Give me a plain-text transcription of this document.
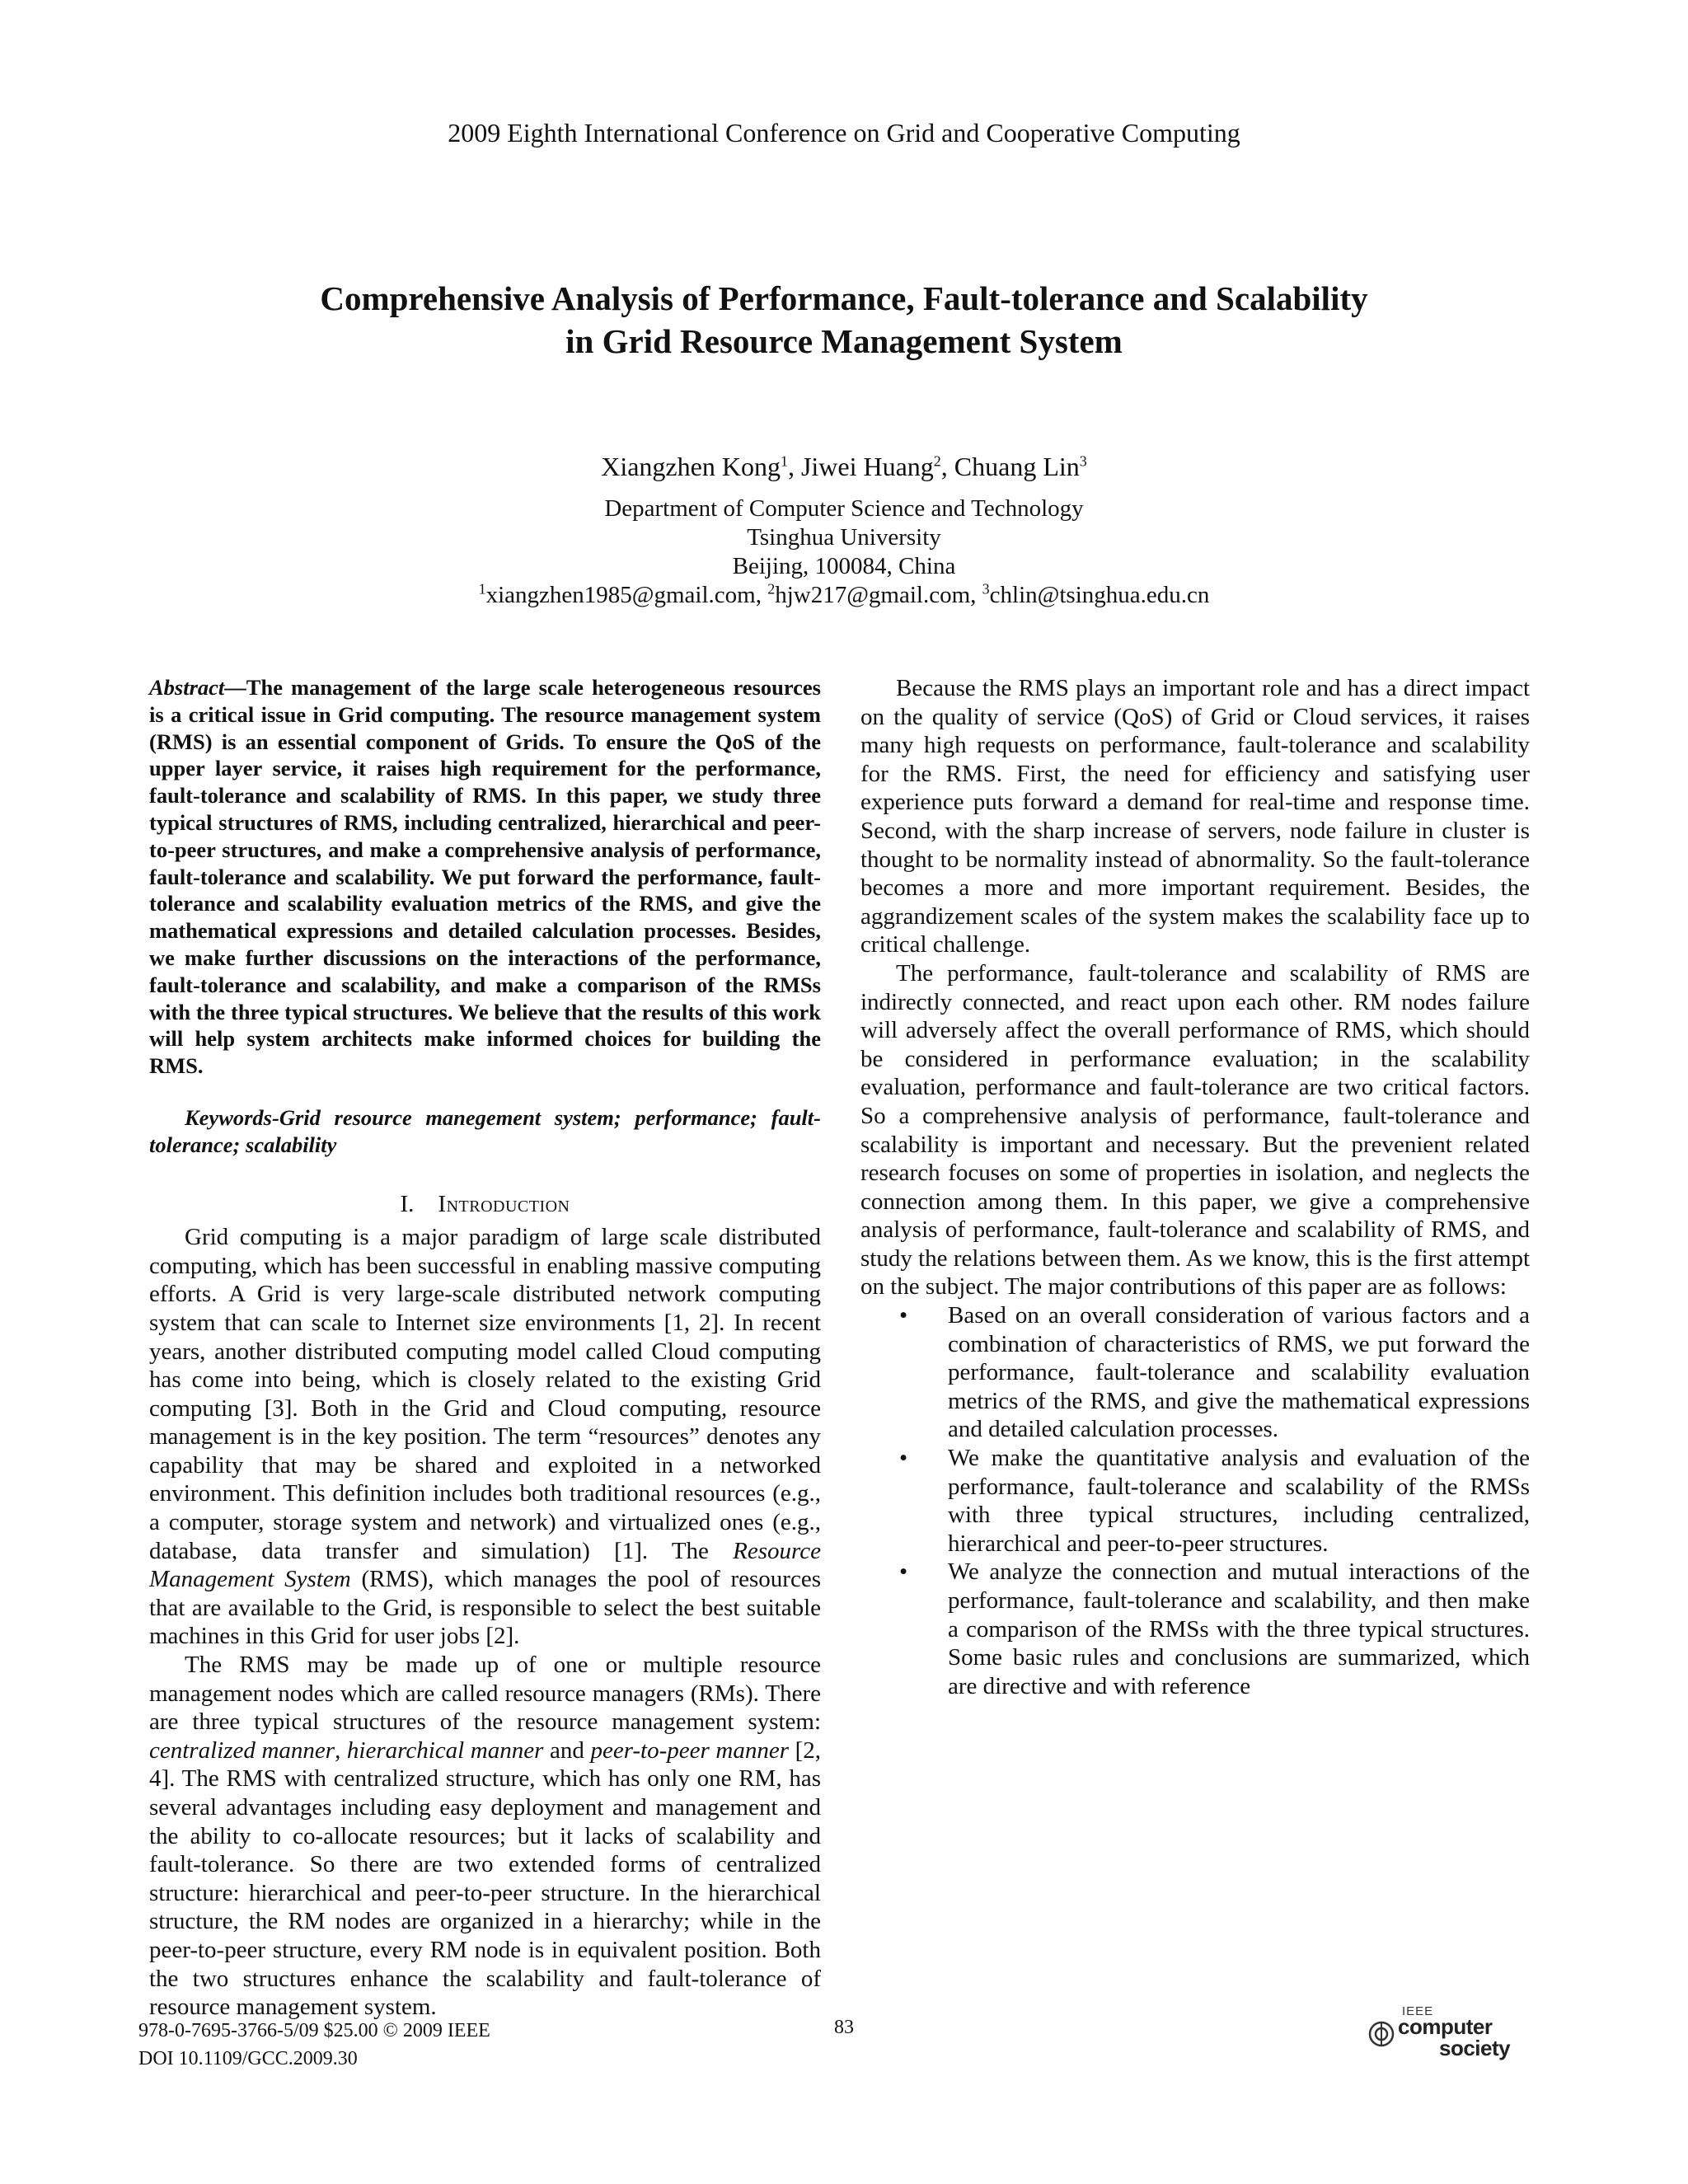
2009 Eighth International Conference on Grid and Cooperative Computing
Comprehensive Analysis of Performance, Fault-tolerance and Scalability
in Grid Resource Management System
Xiangzhen Kong$^1$, Jiwei Huang$^2$, Chuang Lin$^3$
Department of Computer Science and Technology
Tsinghua University
Beijing, 100084, China
$^1$xiangzhen1985@gmail.com, $^2$hjw217@gmail.com, $^3$chlin@tsinghua.edu.cn

Abstract—The management of the large scale heterogeneous resources is a critical issue in Grid computing. The resource management system (RMS) is an essential component of Grids. To ensure the QoS of the upper layer service, it raises high requirement for the performance, fault-tolerance and scalability of RMS. In this paper, we study three typical structures of RMS, including centralized, hierarchical and peer-to-peer structures, and make a comprehensive analysis of performance, fault-tolerance and scalability. We put forward the performance, fault-tolerance and scalability evaluation metrics of the RMS, and give the mathematical expressions and detailed calculation processes. Besides, we make further discussions on the interactions of the performance, fault-tolerance and scalability, and make a comparison of the RMSs with the three typical structures. We believe that the results of this work will help system architects make informed choices for building the RMS.

Keywords-Grid resource manegement system; performance; fault-tolerance; scalability

I. Introduction

Grid computing is a major paradigm of large scale distributed computing, which has been successful in enabling massive computing efforts. A Grid is very large-scale distributed network computing system that can scale to Internet size environments [1, 2]. In recent years, another distributed computing model called Cloud computing has come into being, which is closely related to the existing Grid computing [3]. Both in the Grid and Cloud computing, resource management is in the key position. The term “resources” denotes any capability that may be shared and exploited in a networked environment. This definition includes both traditional resources (e.g., a computer, storage system and network) and virtualized ones (e.g., database, data transfer and simulation) [1]. The Resource Management System (RMS), which manages the pool of resources that are available to the Grid, is responsible to select the best suitable machines in this Grid for user jobs [2].

The RMS may be made up of one or multiple resource management nodes which are called resource managers (RMs). There are three typical structures of the resource management system: centralized manner, hierarchical manner and peer-to-peer manner [2, 4]. The RMS with centralized structure, which has only one RM, has several advantages including easy deployment and management and the ability to co-allocate resources; but it lacks of scalability and fault-tolerance. So there are two extended forms of centralized structure: hierarchical and peer-to-peer structure. In the hierarchical structure, the RM nodes are organized in a hierarchy; while in the peer-to-peer structure, every RM node is in equivalent position. Both the two structures enhance the scalability and fault-tolerance of resource management system.

Because the RMS plays an important role and has a direct impact on the quality of service (QoS) of Grid or Cloud services, it raises many high requests on performance, fault-tolerance and scalability for the RMS. First, the need for efficiency and satisfying user experience puts forward a demand for real-time and response time. Second, with the sharp increase of servers, node failure in cluster is thought to be normality instead of abnormality. So the fault-tolerance becomes a more and more important requirement. Besides, the aggrandizement scales of the system makes the scalability face up to critical challenge.

The performance, fault-tolerance and scalability of RMS are indirectly connected, and react upon each other. RM nodes failure will adversely affect the overall performance of RMS, which should be considered in performance evaluation; in the scalability evaluation, performance and fault-tolerance are two critical factors. So a comprehensive analysis of performance, fault-tolerance and scalability is important and necessary. But the prevenient related research focuses on some of properties in isolation, and neglects the connection among them. In this paper, we give a comprehensive analysis of performance, fault-tolerance and scalability of RMS, and study the relations between them. As we know, this is the first attempt on the subject. The major contributions of this paper are as follows:

• Based on an overall consideration of various factors and a combination of characteristics of RMS, we put forward the performance, fault-tolerance and scalability evaluation metrics of the RMS, and give the mathematical expressions and detailed calculation processes.
• We make the quantitative analysis and evaluation of the performance, fault-tolerance and scalability of the RMSs with three typical structures, including centralized, hierarchical and peer-to-peer structures.
• We analyze the connection and mutual interactions of the performance, fault-tolerance and scalability, and then make a comparison of the RMSs with the three typical structures. Some basic rules and conclusions are summarized, which are directive and with reference
978-0-7695-3766-5/09 $25.00 © 2009 IEEE
DOI 10.1109/GCC.2009.30
83
IEEE
computer
society
